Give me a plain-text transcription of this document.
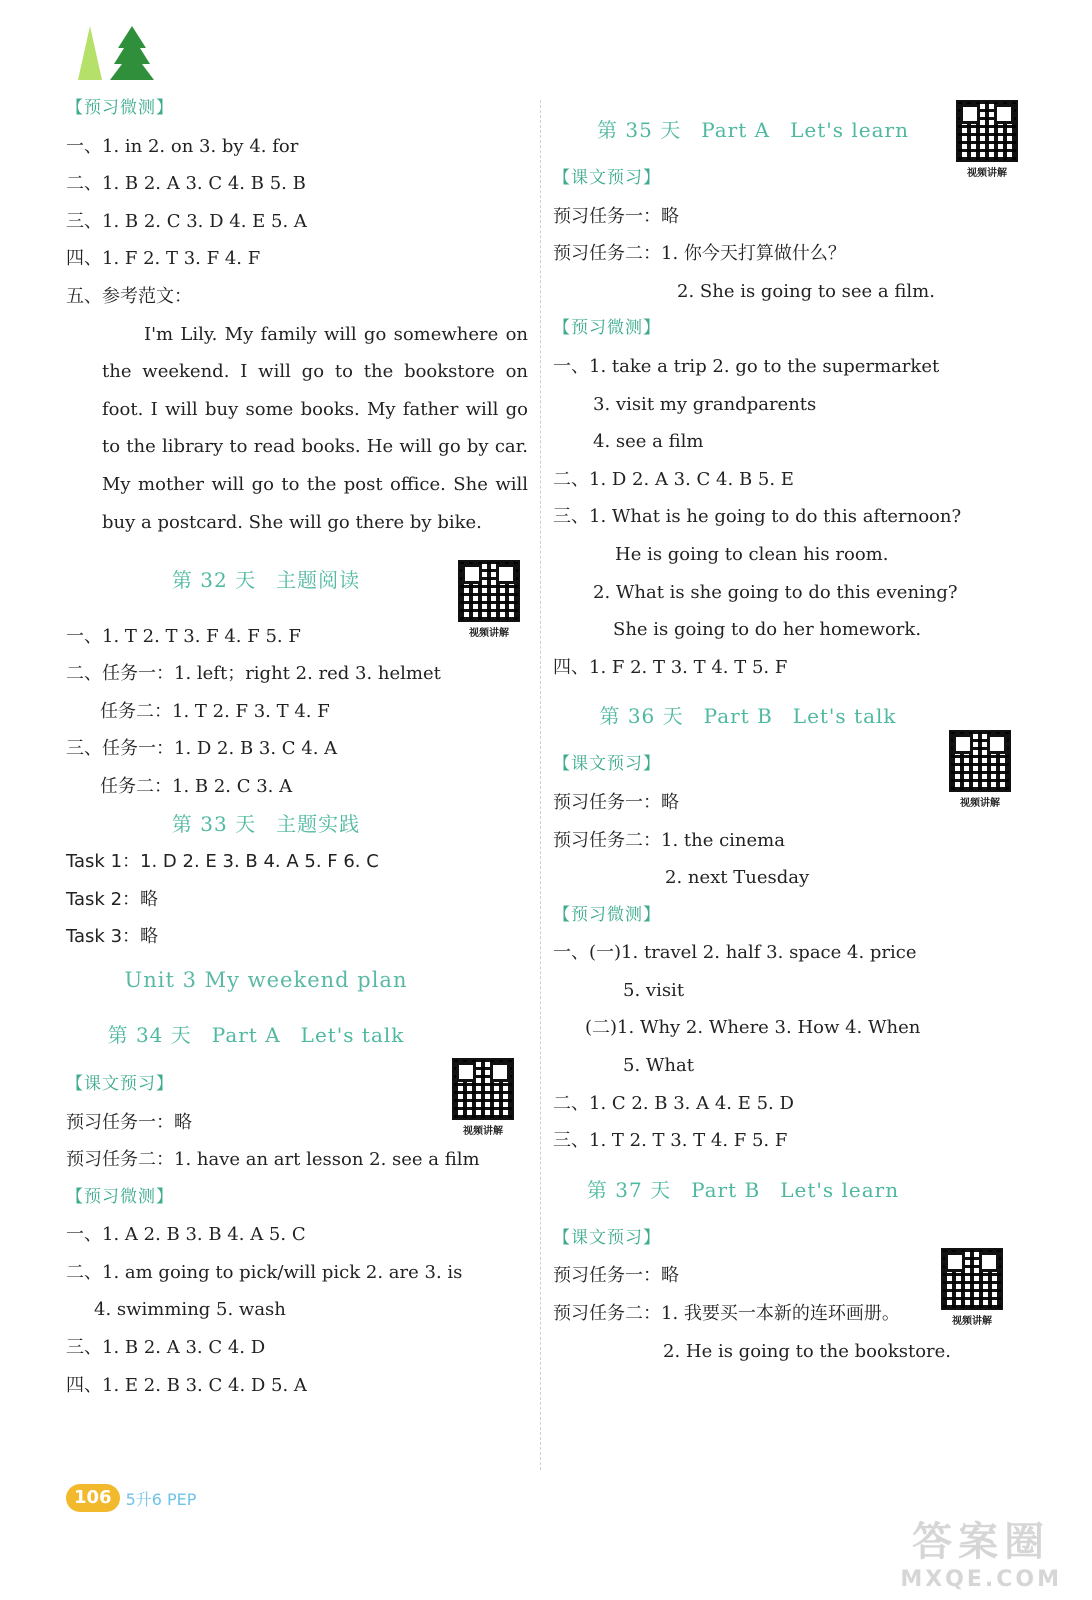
【预习微测】
一、1. in 2. on 3. by 4. for
二、1. B 2. A 3. C 4. B 5. B
三、1. B 2. C 3. D 4. E 5. A
四、1. F 2. T 3. F 4. F
五、参考范文：
I'm Lily. My family will go somewhere on the weekend. I will go to the bookstore on foot. I will buy some books. My father will go to the library to read books. He will go by car. My mother will go to the post office. She will buy a postcard. She will go there by bike.
第 32 天 主题阅读
视频讲解
一、1. T 2. T 3. F 4. F 5. F
二、任务一：1. left；right 2. red 3. helmet
任务二：1. T 2. F 3. T 4. F
三、任务一：1. D 2. B 3. C 4. A
任务二：1. B 2. C 3. A
第 33 天 主题实践
Task 1：1. D 2. E 3. B 4. A 5. F 6. C
Task 2：略
Task 3：略
Unit 3 My weekend plan
第 34 天 Part A Let's talk
视频讲解
【课文预习】
预习任务一：略
预习任务二：1. have an art lesson 2. see a film
【预习微测】
一、1. A 2. B 3. B 4. A 5. C
二、1. am going to pick/will pick 2. are 3. is
4. swimming 5. wash
三、1. B 2. A 3. C 4. D
四、1. E 2. B 3. C 4. D 5. A
第 35 天 Part A Let's learn
视频讲解
【课文预习】
预习任务一：略
预习任务二：1. 你今天打算做什么？
2. She is going to see a film.
【预习微测】
一、1. take a trip 2. go to the supermarket
3. visit my grandparents
4. see a film
二、1. D 2. A 3. C 4. B 5. E
三、1. What is he going to do this afternoon?
He is going to clean his room.
2. What is she going to do this evening?
She is going to do her homework.
四、1. F 2. T 3. T 4. T 5. F
第 36 天 Part B Let's talk
视频讲解
【课文预习】
预习任务一：略
预习任务二：1. the cinema
2. next Tuesday
【预习微测】
一、(一)1. travel 2. half 3. space 4. price
5. visit
(二)1. Why 2. Where 3. How 4. When
5. What
二、1. C 2. B 3. A 4. E 5. D
三、1. T 2. T 3. T 4. F 5. F
第 37 天 Part B Let's learn
视频讲解
【课文预习】
预习任务一：略
预习任务二：1. 我要买一本新的连环画册。
2. He is going to the bookstore.
106 5升6 PEP
答案圈
MXQE.COM
